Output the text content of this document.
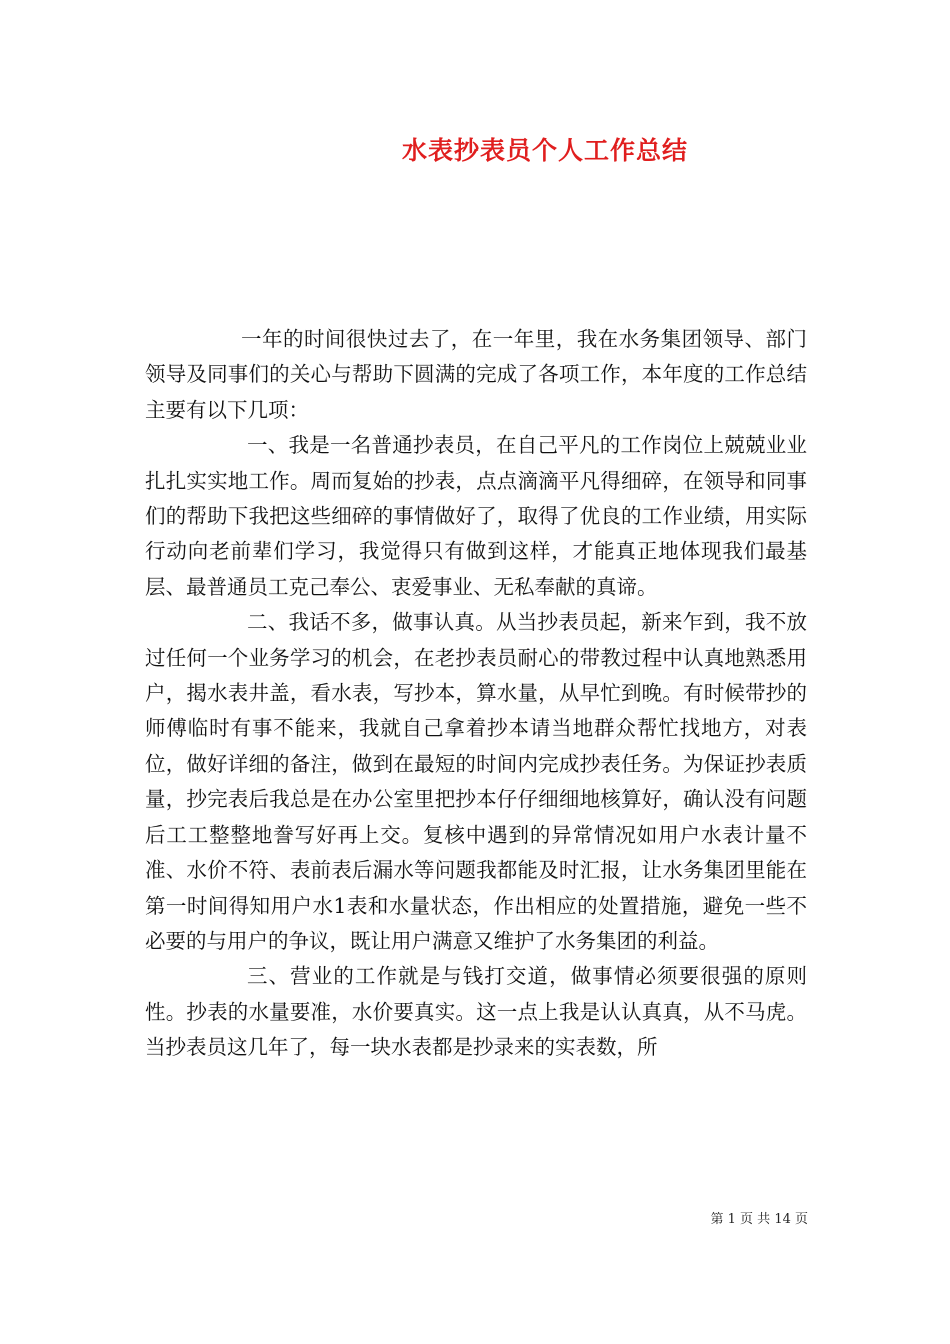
水表抄表员个人工作总结

一年的时间很快过去了，在一年里，我在水务集团领导、部门领导及同事们的关心与帮助下圆满的完成了各项工作，本年度的工作总结主要有以下几项：

一、我是一名普通抄表员，在自己平凡的工作岗位上兢兢业业扎扎实实地工作。周而复始的抄表，点点滴滴平凡得细碎，在领导和同事们的帮助下我把这些细碎的事情做好了，取得了优良的工作业绩，用实际行动向老前辈们学习，我觉得只有做到这样，才能真正地体现我们最基层、最普通员工克己奉公、衷爱事业、无私奉献的真谛。

二、我话不多，做事认真。从当抄表员起，新来乍到，我不放过任何一个业务学习的机会，在老抄表员耐心的带教过程中认真地熟悉用户，揭水表井盖，看水表，写抄本，算水量，从早忙到晚。有时候带抄的师傅临时有事不能来，我就自己拿着抄本请当地群众帮忙找地方，对表位，做好详细的备注，做到在最短的时间内完成抄表任务。为保证抄表质量，抄完表后我总是在办公室里把抄本仔仔细细地核算好，确认没有问题后工工整整地誊写好再上交。复核中遇到的异常情况如用户水表计量不准、水价不符、表前表后漏水等问题我都能及时汇报，让水务集团里能在第一时间得知用户水1表和水量状态，作出相应的处置措施，避免一些不必要的与用户的争议，既让用户满意又维护了水务集团的利益。

三、营业的工作就是与钱打交道，做事情必须要很强的原则性。抄表的水量要准，水价要真实。这一点上我是认认真真，从不马虎。当抄表员这几年了，每一块水表都是抄录来的实表数，所

第 1 页 共 14 页
